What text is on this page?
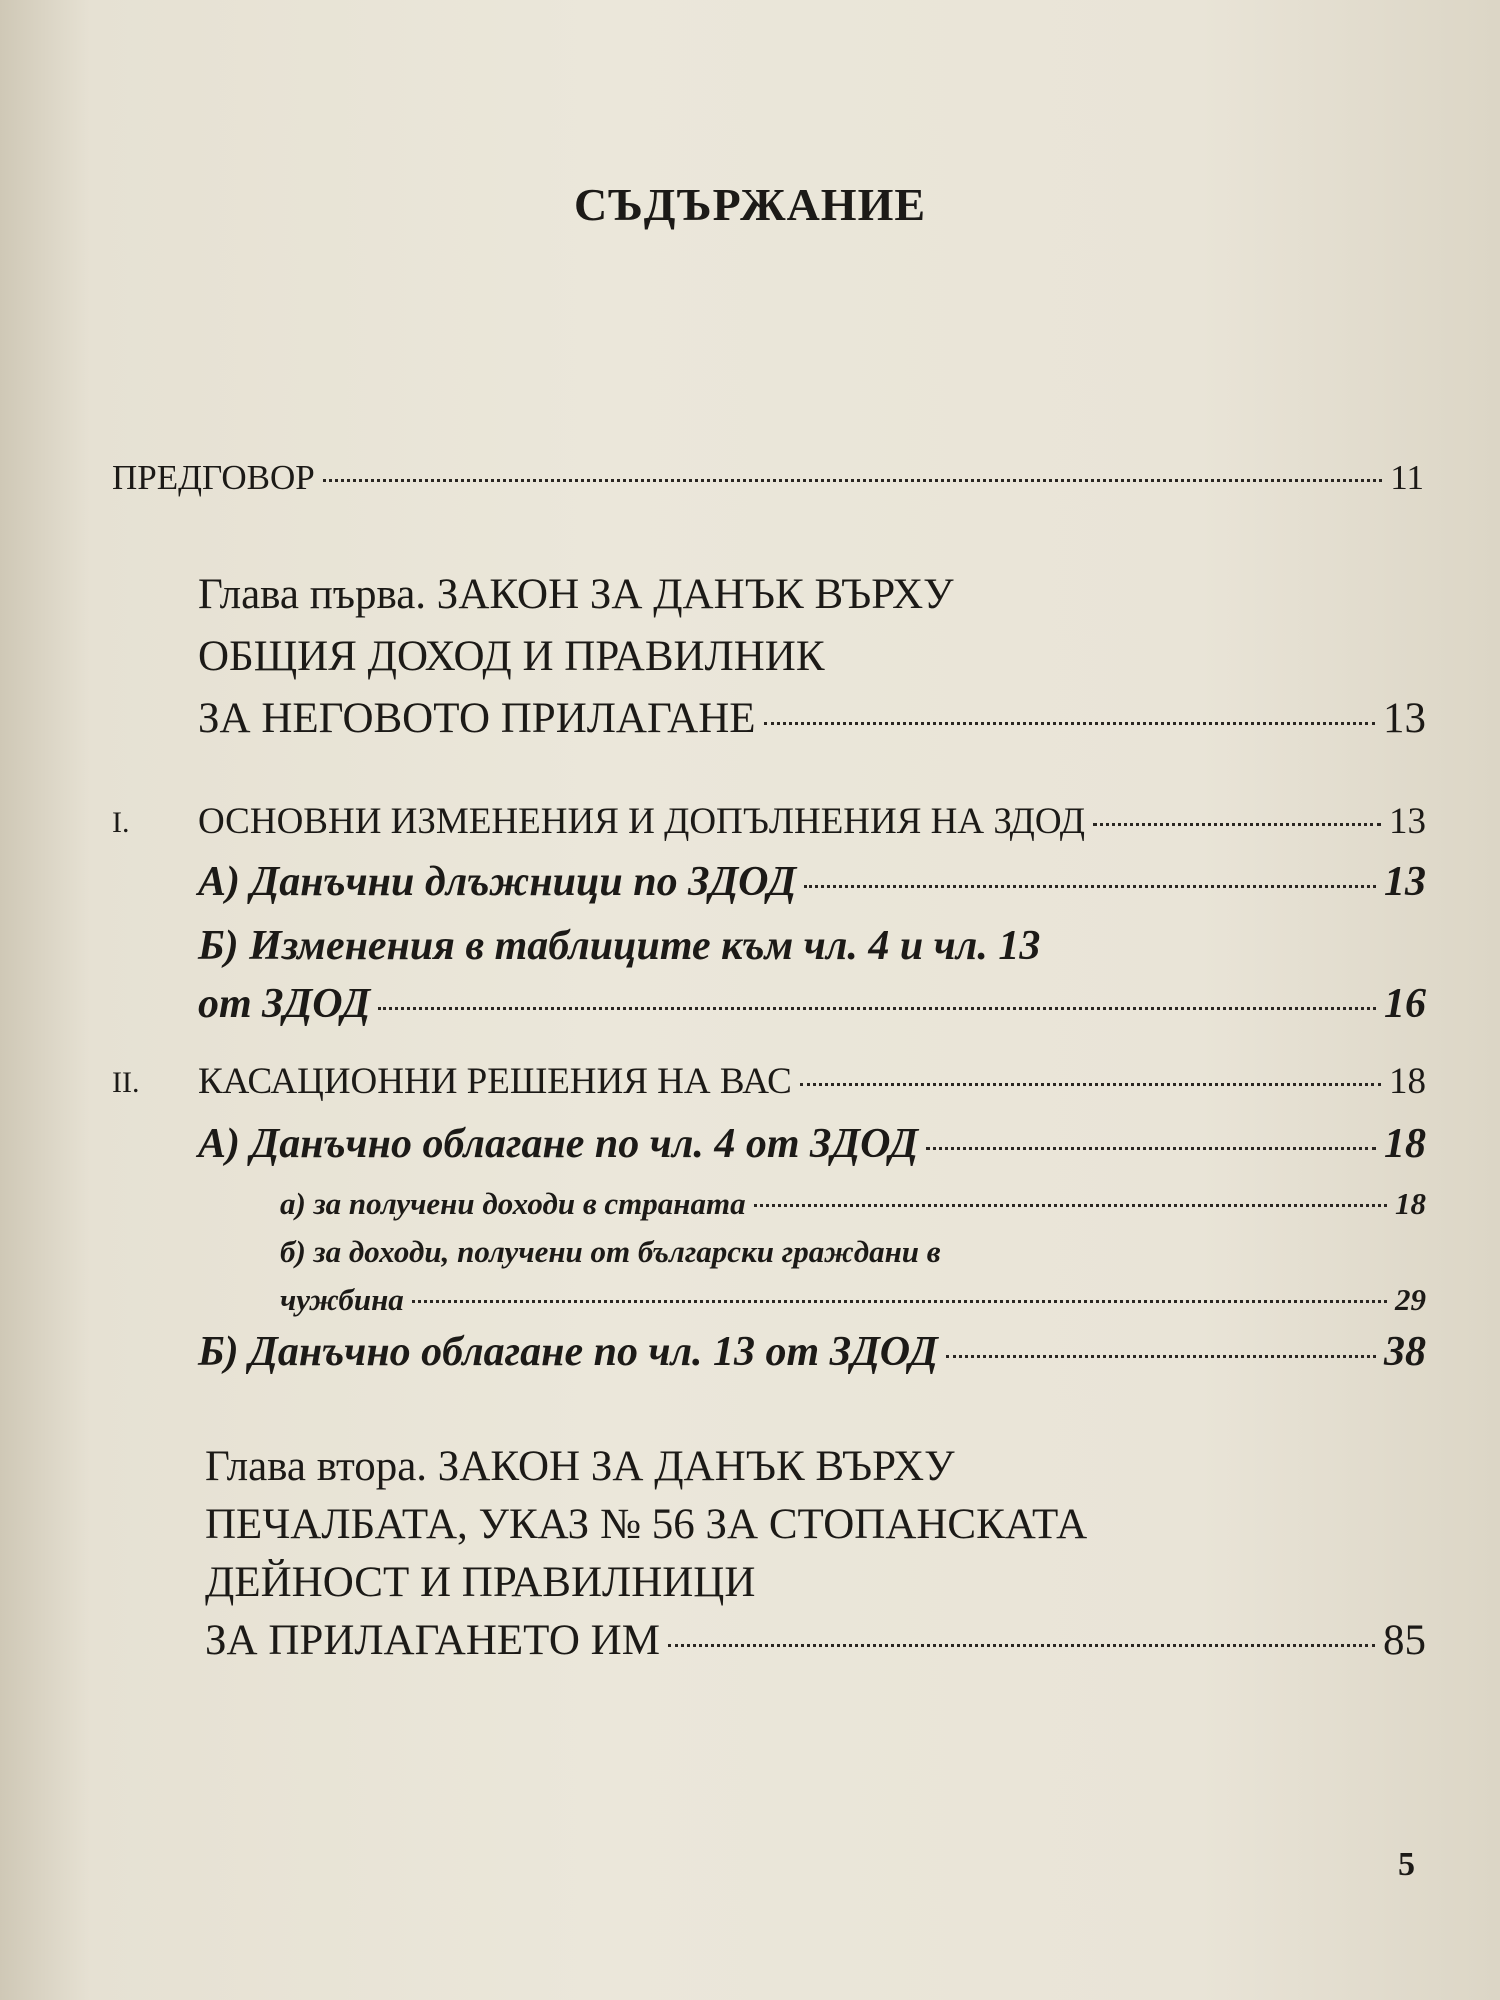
СЪДЪРЖАНИЕ
ПРЕДГОВОР	11
Глава първа. ЗАКОН ЗА ДАНЪК ВЪРХУ
ОБЩИЯ ДОХОД И ПРАВИЛНИК
ЗА НЕГОВОТО ПРИЛАГАНЕ	13
I. ОСНОВНИ ИЗМЕНЕНИЯ И ДОПЪЛНЕНИЯ НА ЗДОД	13
А) Данъчни длъжници по ЗДОД	13
Б) Изменения в таблиците към чл. 4 и чл. 13
от ЗДОД	16
II. КАСАЦИОННИ РЕШЕНИЯ НА ВАС	18
А) Данъчно облагане по чл. 4 от ЗДОД	18
а) за получени доходи в страната	18
б) за доходи, получени от български граждани в
чужбина	29
Б) Данъчно облагане по чл. 13 от ЗДОД	38
Глава втора. ЗАКОН ЗА ДАНЪК ВЪРХУ
ПЕЧАЛБАТА, УКАЗ № 56 ЗА СТОПАНСКАТА
ДЕЙНОСТ И ПРАВИЛНИЦИ
ЗА ПРИЛАГАНЕТО ИМ	85
5
